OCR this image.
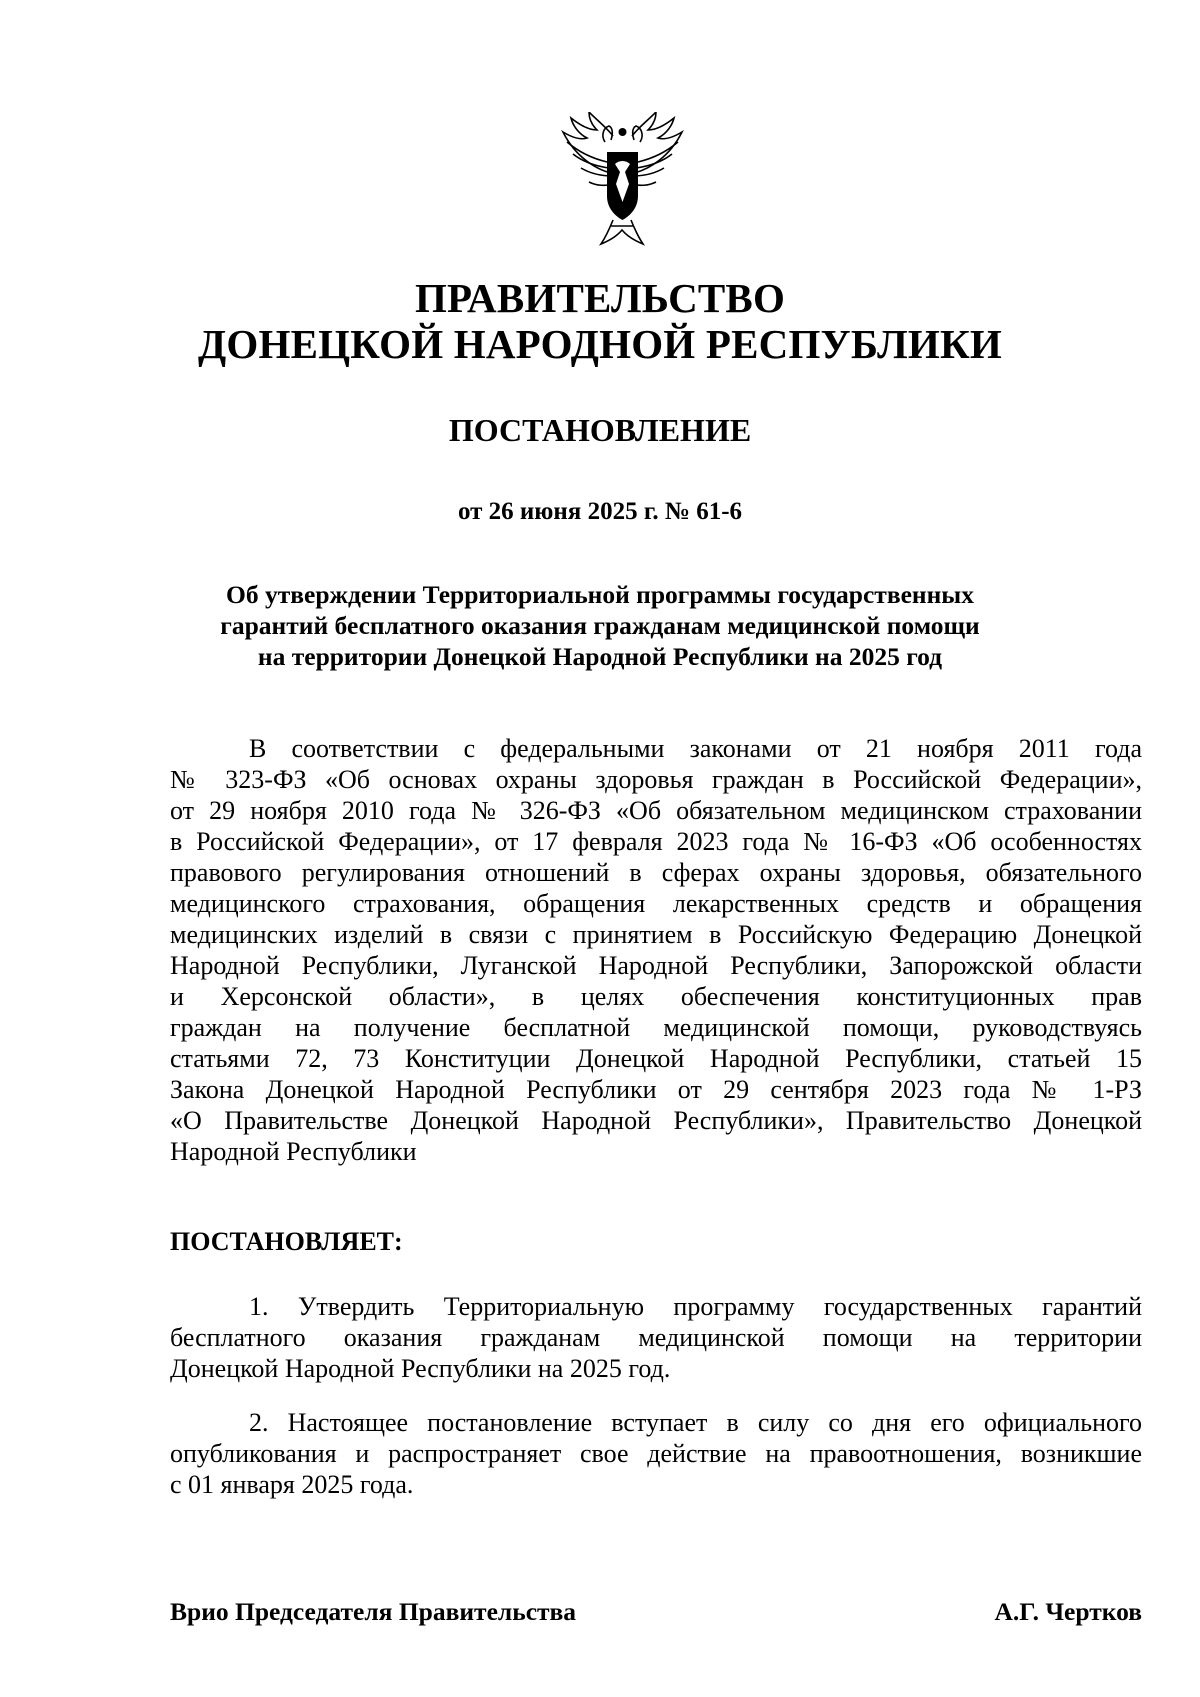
ПРАВИТЕЛЬСТВО
ДОНЕЦКОЙ НАРОДНОЙ РЕСПУБЛИКИ
ПОСТАНОВЛЕНИЕ
от 26 июня 2025 г. № 61-6
Об утверждении Территориальной программы государственных
гарантий бесплатного оказания гражданам медицинской помощи
на территории Донецкой Народной Республики на 2025 год
В соответствии с федеральными законами от 21 ноября 2011 года
№ 323-ФЗ «Об основах охраны здоровья граждан в Российской Федерации»,
от 29 ноября 2010 года № 326-ФЗ «Об обязательном медицинском страховании
в Российской Федерации», от 17 февраля 2023 года № 16-ФЗ «Об особенностях
правового регулирования отношений в сферах охраны здоровья, обязательного
медицинского страхования, обращения лекарственных средств и обращения
медицинских изделий в связи с принятием в Российскую Федерацию Донецкой
Народной Республики, Луганской Народной Республики, Запорожской области
и Херсонской области», в целях обеспечения конституционных прав
граждан на получение бесплатной медицинской помощи, руководствуясь
статьями 72, 73 Конституции Донецкой Народной Республики, статьей 15
Закона Донецкой Народной Республики от 29 сентября 2023 года № 1-РЗ
«О Правительстве Донецкой Народной Республики», Правительство Донецкой
Народной Республики
ПОСТАНОВЛЯЕТ:
1. Утвердить Территориальную программу государственных гарантий
бесплатного оказания гражданам медицинской помощи на территории
Донецкой Народной Республики на 2025 год.
2. Настоящее постановление вступает в силу со дня его официального
опубликования и распространяет свое действие на правоотношения, возникшие
с 01 января 2025 года.
Врио Председателя Правительства	А.Г. Чертков
